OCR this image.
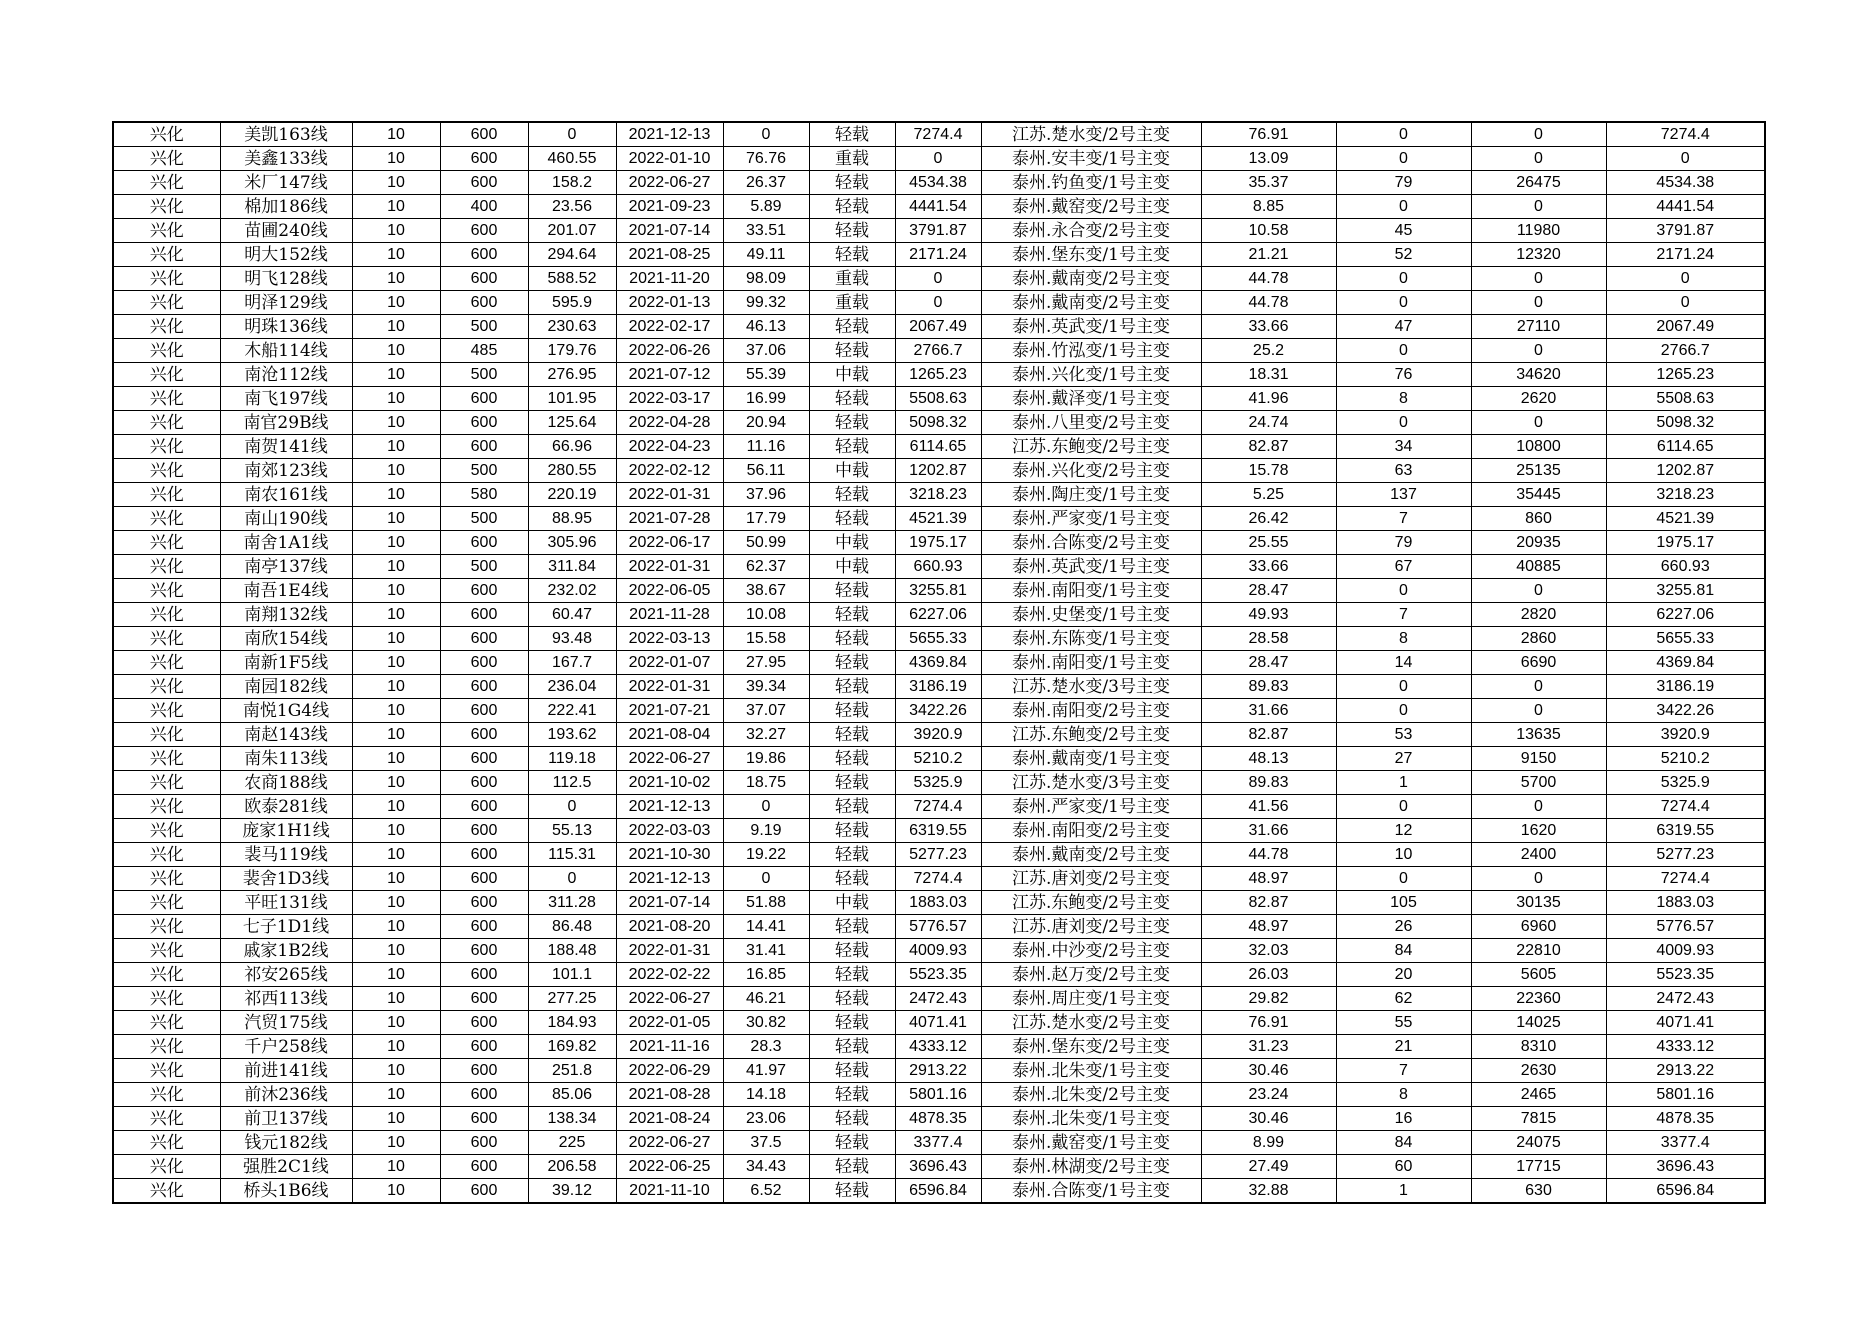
兴化	美凯163线	10	600	0	2021-12-13	0	轻载	7274.4	江苏.楚水变/2号主变	76.91	0	0	7274.4
兴化	美鑫133线	10	600	460.55	2022-01-10	76.76	重载	0	泰州.安丰变/1号主变	13.09	0	0	0
兴化	米厂147线	10	600	158.2	2022-06-27	26.37	轻载	4534.38	泰州.钓鱼变/1号主变	35.37	79	26475	4534.38
兴化	棉加186线	10	400	23.56	2021-09-23	5.89	轻载	4441.54	泰州.戴窑变/2号主变	8.85	0	0	4441.54
兴化	苗圃240线	10	600	201.07	2021-07-14	33.51	轻载	3791.87	泰州.永合变/2号主变	10.58	45	11980	3791.87
兴化	明大152线	10	600	294.64	2021-08-25	49.11	轻载	2171.24	泰州.堡东变/1号主变	21.21	52	12320	2171.24
兴化	明飞128线	10	600	588.52	2021-11-20	98.09	重载	0	泰州.戴南变/2号主变	44.78	0	0	0
兴化	明泽129线	10	600	595.9	2022-01-13	99.32	重载	0	泰州.戴南变/2号主变	44.78	0	0	0
兴化	明珠136线	10	500	230.63	2022-02-17	46.13	轻载	2067.49	泰州.英武变/1号主变	33.66	47	27110	2067.49
兴化	木船114线	10	485	179.76	2022-06-26	37.06	轻载	2766.7	泰州.竹泓变/1号主变	25.2	0	0	2766.7
兴化	南沧112线	10	500	276.95	2021-07-12	55.39	中载	1265.23	泰州.兴化变/1号主变	18.31	76	34620	1265.23
兴化	南飞197线	10	600	101.95	2022-03-17	16.99	轻载	5508.63	泰州.戴泽变/1号主变	41.96	8	2620	5508.63
兴化	南官29B线	10	600	125.64	2022-04-28	20.94	轻载	5098.32	泰州.八里变/2号主变	24.74	0	0	5098.32
兴化	南贺141线	10	600	66.96	2022-04-23	11.16	轻载	6114.65	江苏.东鲍变/2号主变	82.87	34	10800	6114.65
兴化	南郊123线	10	500	280.55	2022-02-12	56.11	中载	1202.87	泰州.兴化变/2号主变	15.78	63	25135	1202.87
兴化	南农161线	10	580	220.19	2022-01-31	37.96	轻载	3218.23	泰州.陶庄变/1号主变	5.25	137	35445	3218.23
兴化	南山190线	10	500	88.95	2021-07-28	17.79	轻载	4521.39	泰州.严家变/1号主变	26.42	7	860	4521.39
兴化	南舍1A1线	10	600	305.96	2022-06-17	50.99	中载	1975.17	泰州.合陈变/2号主变	25.55	79	20935	1975.17
兴化	南亭137线	10	500	311.84	2022-01-31	62.37	中载	660.93	泰州.英武变/1号主变	33.66	67	40885	660.93
兴化	南吾1E4线	10	600	232.02	2022-06-05	38.67	轻载	3255.81	泰州.南阳变/1号主变	28.47	0	0	3255.81
兴化	南翔132线	10	600	60.47	2021-11-28	10.08	轻载	6227.06	泰州.史堡变/1号主变	49.93	7	2820	6227.06
兴化	南欣154线	10	600	93.48	2022-03-13	15.58	轻载	5655.33	泰州.东陈变/1号主变	28.58	8	2860	5655.33
兴化	南新1F5线	10	600	167.7	2022-01-07	27.95	轻载	4369.84	泰州.南阳变/1号主变	28.47	14	6690	4369.84
兴化	南园182线	10	600	236.04	2022-01-31	39.34	轻载	3186.19	江苏.楚水变/3号主变	89.83	0	0	3186.19
兴化	南悦1G4线	10	600	222.41	2021-07-21	37.07	轻载	3422.26	泰州.南阳变/2号主变	31.66	0	0	3422.26
兴化	南赵143线	10	600	193.62	2021-08-04	32.27	轻载	3920.9	江苏.东鲍变/2号主变	82.87	53	13635	3920.9
兴化	南朱113线	10	600	119.18	2022-06-27	19.86	轻载	5210.2	泰州.戴南变/1号主变	48.13	27	9150	5210.2
兴化	农商188线	10	600	112.5	2021-10-02	18.75	轻载	5325.9	江苏.楚水变/3号主变	89.83	1	5700	5325.9
兴化	欧泰281线	10	600	0	2021-12-13	0	轻载	7274.4	泰州.严家变/1号主变	41.56	0	0	7274.4
兴化	庞家1H1线	10	600	55.13	2022-03-03	9.19	轻载	6319.55	泰州.南阳变/2号主变	31.66	12	1620	6319.55
兴化	裴马119线	10	600	115.31	2021-10-30	19.22	轻载	5277.23	泰州.戴南变/2号主变	44.78	10	2400	5277.23
兴化	裴舍1D3线	10	600	0	2021-12-13	0	轻载	7274.4	江苏.唐刘变/2号主变	48.97	0	0	7274.4
兴化	平旺131线	10	600	311.28	2021-07-14	51.88	中载	1883.03	江苏.东鲍变/2号主变	82.87	105	30135	1883.03
兴化	七子1D1线	10	600	86.48	2021-08-20	14.41	轻载	5776.57	江苏.唐刘变/2号主变	48.97	26	6960	5776.57
兴化	戚家1B2线	10	600	188.48	2022-01-31	31.41	轻载	4009.93	泰州.中沙变/2号主变	32.03	84	22810	4009.93
兴化	祁安265线	10	600	101.1	2022-02-22	16.85	轻载	5523.35	泰州.赵万变/2号主变	26.03	20	5605	5523.35
兴化	祁西113线	10	600	277.25	2022-06-27	46.21	轻载	2472.43	泰州.周庄变/1号主变	29.82	62	22360	2472.43
兴化	汽贸175线	10	600	184.93	2022-01-05	30.82	轻载	4071.41	江苏.楚水变/2号主变	76.91	55	14025	4071.41
兴化	千户258线	10	600	169.82	2021-11-16	28.3	轻载	4333.12	泰州.堡东变/2号主变	31.23	21	8310	4333.12
兴化	前进141线	10	600	251.8	2022-06-29	41.97	轻载	2913.22	泰州.北朱变/1号主变	30.46	7	2630	2913.22
兴化	前沐236线	10	600	85.06	2021-08-28	14.18	轻载	5801.16	泰州.北朱变/2号主变	23.24	8	2465	5801.16
兴化	前卫137线	10	600	138.34	2021-08-24	23.06	轻载	4878.35	泰州.北朱变/1号主变	30.46	16	7815	4878.35
兴化	钱元182线	10	600	225	2022-06-27	37.5	轻载	3377.4	泰州.戴窑变/1号主变	8.99	84	24075	3377.4
兴化	强胜2C1线	10	600	206.58	2022-06-25	34.43	轻载	3696.43	泰州.林湖变/2号主变	27.49	60	17715	3696.43
兴化	桥头1B6线	10	600	39.12	2021-11-10	6.52	轻载	6596.84	泰州.合陈变/1号主变	32.88	1	630	6596.84
